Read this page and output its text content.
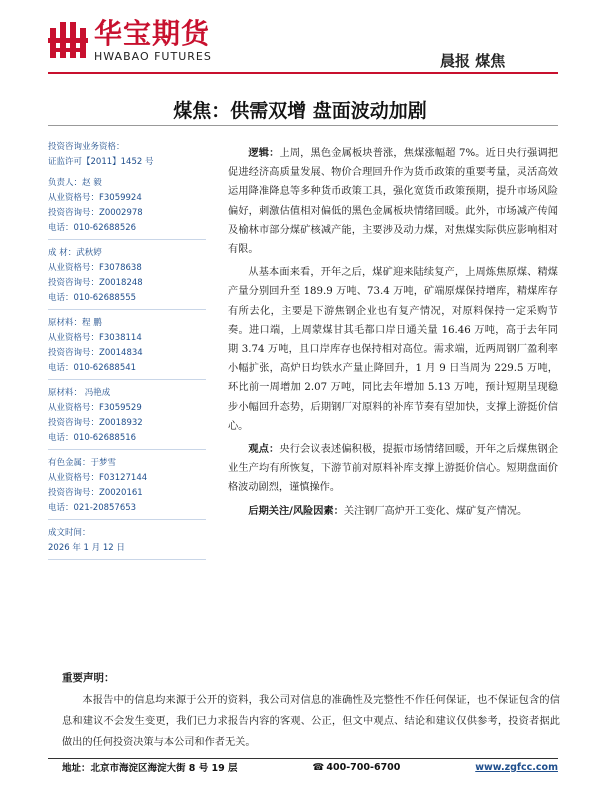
华宝期货
HWABAO FUTURES	晨报 煤焦
煤焦：供需双增 盘面波动加剧
投资咨询业务资格：
证监许可【2011】1452 号
负责人：赵 毅
从业资格号：F3059924
投资咨询号：Z0002978
电话：010-62688526
成 材：武秋婷
从业资格号：F3078638
投资咨询号：Z0018248
电话：010-62688555
原材料：程 鹏
从业资格号：F3038114
投资咨询号：Z0014834
电话：010-62688541
原材料： 冯艳成
从业资格号：F3059529
投资咨询号：Z0018932
电话：010-62688516
有色金属：于梦雪
从业资格号：F03127144
投资咨询号：Z0020161
电话：021-20857653
成文时间：
2026 年 1 月 12 日

逻辑：上周，黑色金属板块普涨，焦煤涨幅超 7%。近日央行强调把促进经济高质量发展、物价合理回升作为货币政策的重要考量，灵活高效运用降准降息等多种货币政策工具，强化宽货币政策预期，提升市场风险偏好，刺激估值相对偏低的黑色金属板块情绪回暖。此外，市场减产传闻及榆林市部分煤矿核减产能，主要涉及动力煤，对焦煤实际供应影响相对有限。

从基本面来看，开年之后，煤矿迎来陆续复产，上周炼焦原煤、精煤产量分别回升至 189.9 万吨、73.4 万吨，矿端原煤保持增库，精煤库存有所去化，主要是下游焦钢企业也有复产情况，对原料保持一定采购节奏。进口端，上周蒙煤甘其毛都口岸日通关量 16.46 万吨，高于去年同期 3.74 万吨，且口岸库存也保持相对高位。需求端，近两周钢厂盈利率小幅扩张，高炉日均铁水产量止降回升，1 月 9 日当周为 229.5 万吨，环比前一周增加 2.07 万吨，同比去年增加 5.13 万吨，预计短期呈现稳步小幅回升态势，后期钢厂对原料的补库节奏有望加快，支撑上游挺价信心。

观点：央行会议表述偏积极，提振市场情绪回暖，开年之后煤焦钢企业生产均有所恢复，下游节前对原料补库支撑上游挺价信心。短期盘面价格波动剧烈，谨慎操作。

后期关注/风险因素：关注钢厂高炉开工变化、煤矿复产情况。

重要声明：
本报告中的信息均来源于公开的资料，我公司对信息的准确性及完整性不作任何保证，也不保证包含的信息和建议不会发生变更，我们已力求报告内容的客观、公正，但文中观点、结论和建议仅供参考，投资者据此做出的任何投资决策与本公司和作者无关。
地址：北京市海淀区海淀大街 8 号 19 层	☎ 400-700-6700	www.zgfcc.com
